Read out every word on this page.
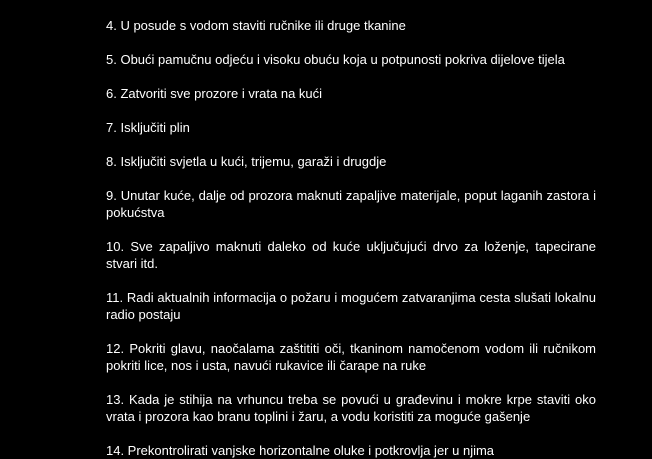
4. U posude s vodom staviti ručnike ili druge tkanine

5. Obući pamučnu odjeću i visoku obuću koja u potpunosti pokriva dijelove tijela

6. Zatvoriti sve prozore i vrata na kući

7. Isključiti plin

8. Isključiti svjetla u kući, trijemu, garaži i drugdje

9. Unutar kuće, dalje od prozora maknuti zapaljive materijale, poput laganih zastora i pokućstva

10. Sve zapaljivo maknuti daleko od kuće uključujući drvo za loženje, tapecirane stvari itd.

11. Radi aktualnih informacija o požaru i mogućem zatvaranjima cesta slušati lokalnu radio postaju

12. Pokriti glavu, naočalama zaštititi oči, tkaninom namočenom vodom ili ručnikom pokriti lice, nos i usta, navući rukavice ili čarape na ruke

13. Kada je stihija na vrhuncu treba se povući u građevinu i mokre krpe staviti oko vrata i prozora kao branu toplini i žaru, a vodu koristiti za moguće gašenje

14. Prekontrolirati vanjske horizontalne oluke i potkrovlja jer u njima
